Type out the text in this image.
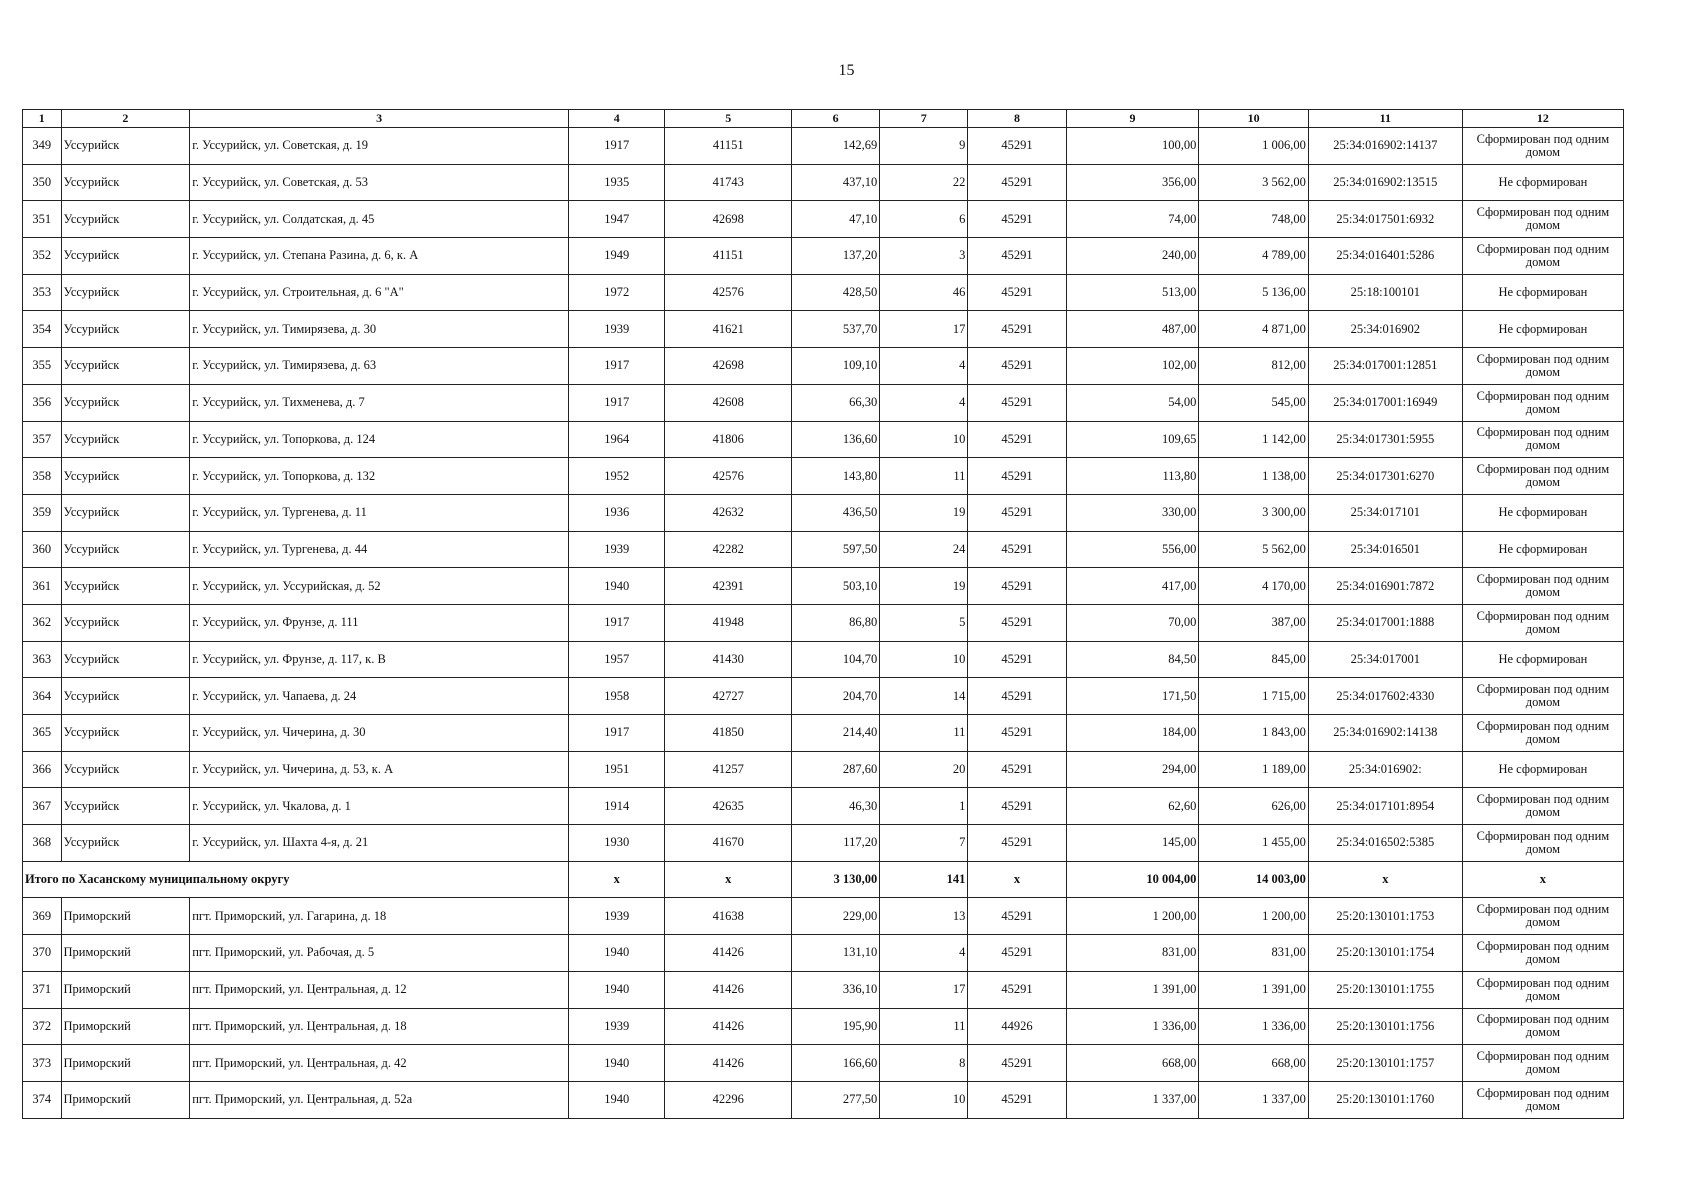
15
1	2	3	4	5	6	7	8	9	10	11	12
349	Уссурийск	г. Уссурийск, ул. Советская, д. 19	1917	41151	142,69	9	45291	100,00	1 006,00	25:34:016902:14137	Сформирован под одним домом
350	Уссурийск	г. Уссурийск, ул. Советская, д. 53	1935	41743	437,10	22	45291	356,00	3 562,00	25:34:016902:13515	Не сформирован
351	Уссурийск	г. Уссурийск, ул. Солдатская, д. 45	1947	42698	47,10	6	45291	74,00	748,00	25:34:017501:6932	Сформирован под одним домом
352	Уссурийск	г. Уссурийск, ул. Степана Разина, д. 6, к. А	1949	41151	137,20	3	45291	240,00	4 789,00	25:34:016401:5286	Сформирован под одним домом
353	Уссурийск	г. Уссурийск, ул. Строительная, д. 6 "А"	1972	42576	428,50	46	45291	513,00	5 136,00	25:18:100101	Не сформирован
354	Уссурийск	г. Уссурийск, ул. Тимирязева, д. 30	1939	41621	537,70	17	45291	487,00	4 871,00	25:34:016902	Не сформирован
355	Уссурийск	г. Уссурийск, ул. Тимирязева, д. 63	1917	42698	109,10	4	45291	102,00	812,00	25:34:017001:12851	Сформирован под одним домом
356	Уссурийск	г. Уссурийск, ул. Тихменева, д. 7	1917	42608	66,30	4	45291	54,00	545,00	25:34:017001:16949	Сформирован под одним домом
357	Уссурийск	г. Уссурийск, ул. Топоркова, д. 124	1964	41806	136,60	10	45291	109,65	1 142,00	25:34:017301:5955	Сформирован под одним домом
358	Уссурийск	г. Уссурийск, ул. Топоркова, д. 132	1952	42576	143,80	11	45291	113,80	1 138,00	25:34:017301:6270	Сформирован под одним домом
359	Уссурийск	г. Уссурийск, ул. Тургенева, д. 11	1936	42632	436,50	19	45291	330,00	3 300,00	25:34:017101	Не сформирован
360	Уссурийск	г. Уссурийск, ул. Тургенева, д. 44	1939	42282	597,50	24	45291	556,00	5 562,00	25:34:016501	Не сформирован
361	Уссурийск	г. Уссурийск, ул. Уссурийская, д. 52	1940	42391	503,10	19	45291	417,00	4 170,00	25:34:016901:7872	Сформирован под одним домом
362	Уссурийск	г. Уссурийск, ул. Фрунзе, д. 111	1917	41948	86,80	5	45291	70,00	387,00	25:34:017001:1888	Сформирован под одним домом
363	Уссурийск	г. Уссурийск, ул. Фрунзе, д. 117, к. В	1957	41430	104,70	10	45291	84,50	845,00	25:34:017001	Не сформирован
364	Уссурийск	г. Уссурийск, ул. Чапаева, д. 24	1958	42727	204,70	14	45291	171,50	1 715,00	25:34:017602:4330	Сформирован под одним домом
365	Уссурийск	г. Уссурийск, ул. Чичерина, д. 30	1917	41850	214,40	11	45291	184,00	1 843,00	25:34:016902:14138	Сформирован под одним домом
366	Уссурийск	г. Уссурийск, ул. Чичерина, д. 53, к. А	1951	41257	287,60	20	45291	294,00	1 189,00	25:34:016902:	Не сформирован
367	Уссурийск	г. Уссурийск, ул. Чкалова, д. 1	1914	42635	46,30	1	45291	62,60	626,00	25:34:017101:8954	Сформирован под одним домом
368	Уссурийск	г. Уссурийск, ул. Шахта 4-я, д. 21	1930	41670	117,20	7	45291	145,00	1 455,00	25:34:016502:5385	Сформирован под одним домом
Итого по Хасанскому муниципальному округу			x	x	3 130,00	141	x	10 004,00	14 003,00	x	x
369	Приморский	пгт. Приморский, ул. Гагарина, д. 18	1939	41638	229,00	13	45291	1 200,00	1 200,00	25:20:130101:1753	Сформирован под одним домом
370	Приморский	пгт. Приморский, ул. Рабочая, д. 5	1940	41426	131,10	4	45291	831,00	831,00	25:20:130101:1754	Сформирован под одним домом
371	Приморский	пгт. Приморский, ул. Центральная, д. 12	1940	41426	336,10	17	45291	1 391,00	1 391,00	25:20:130101:1755	Сформирован под одним домом
372	Приморский	пгт. Приморский, ул. Центральная, д. 18	1939	41426	195,90	11	44926	1 336,00	1 336,00	25:20:130101:1756	Сформирован под одним домом
373	Приморский	пгт. Приморский, ул. Центральная, д. 42	1940	41426	166,60	8	45291	668,00	668,00	25:20:130101:1757	Сформирован под одним домом
374	Приморский	пгт. Приморский, ул. Центральная, д. 52а	1940	42296	277,50	10	45291	1 337,00	1 337,00	25:20:130101:1760	Сформирован под одним домом
